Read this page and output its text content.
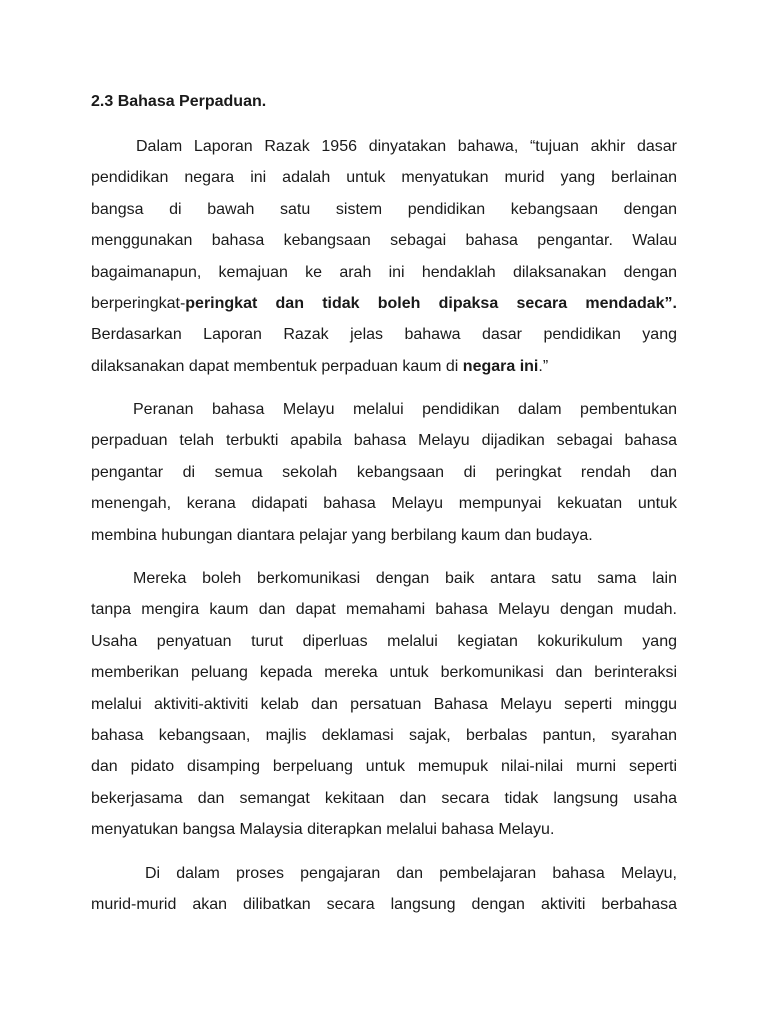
2.3 Bahasa Perpaduan.
Dalam Laporan Razak 1956 dinyatakan bahawa, “tujuan akhir dasar
pendidikan negara ini adalah untuk menyatukan murid yang berlainan
bangsa di bawah satu sistem pendidikan kebangsaan dengan
menggunakan bahasa kebangsaan sebagai bahasa pengantar. Walau
bagaimanapun, kemajuan ke arah ini hendaklah dilaksanakan dengan
berperingkat-peringkat dan tidak boleh dipaksa secara mendadak”.
Berdasarkan Laporan Razak jelas bahawa dasar pendidikan yang
dilaksanakan dapat membentuk perpaduan kaum di negara ini.”
Peranan bahasa Melayu melalui pendidikan dalam pembentukan
perpaduan telah terbukti apabila bahasa Melayu dijadikan sebagai bahasa
pengantar di semua sekolah kebangsaan di peringkat rendah dan
menengah, kerana didapati bahasa Melayu mempunyai kekuatan untuk
membina hubungan diantara pelajar yang berbilang kaum dan budaya.
Mereka boleh berkomunikasi dengan baik antara satu sama lain
tanpa mengira kaum dan dapat memahami bahasa Melayu dengan mudah.
Usaha penyatuan turut diperluas melalui kegiatan kokurikulum yang
memberikan peluang kepada mereka untuk berkomunikasi dan berinteraksi
melalui aktiviti-aktiviti kelab dan persatuan Bahasa Melayu seperti minggu
bahasa kebangsaan, majlis deklamasi sajak, berbalas pantun, syarahan
dan pidato disamping berpeluang untuk memupuk nilai-nilai murni seperti
bekerjasama dan semangat kekitaan dan secara tidak langsung usaha
menyatukan bangsa Malaysia diterapkan melalui bahasa Melayu.
Di dalam proses pengajaran dan pembelajaran bahasa Melayu,
murid-murid akan dilibatkan secara langsung dengan aktiviti berbahasa
